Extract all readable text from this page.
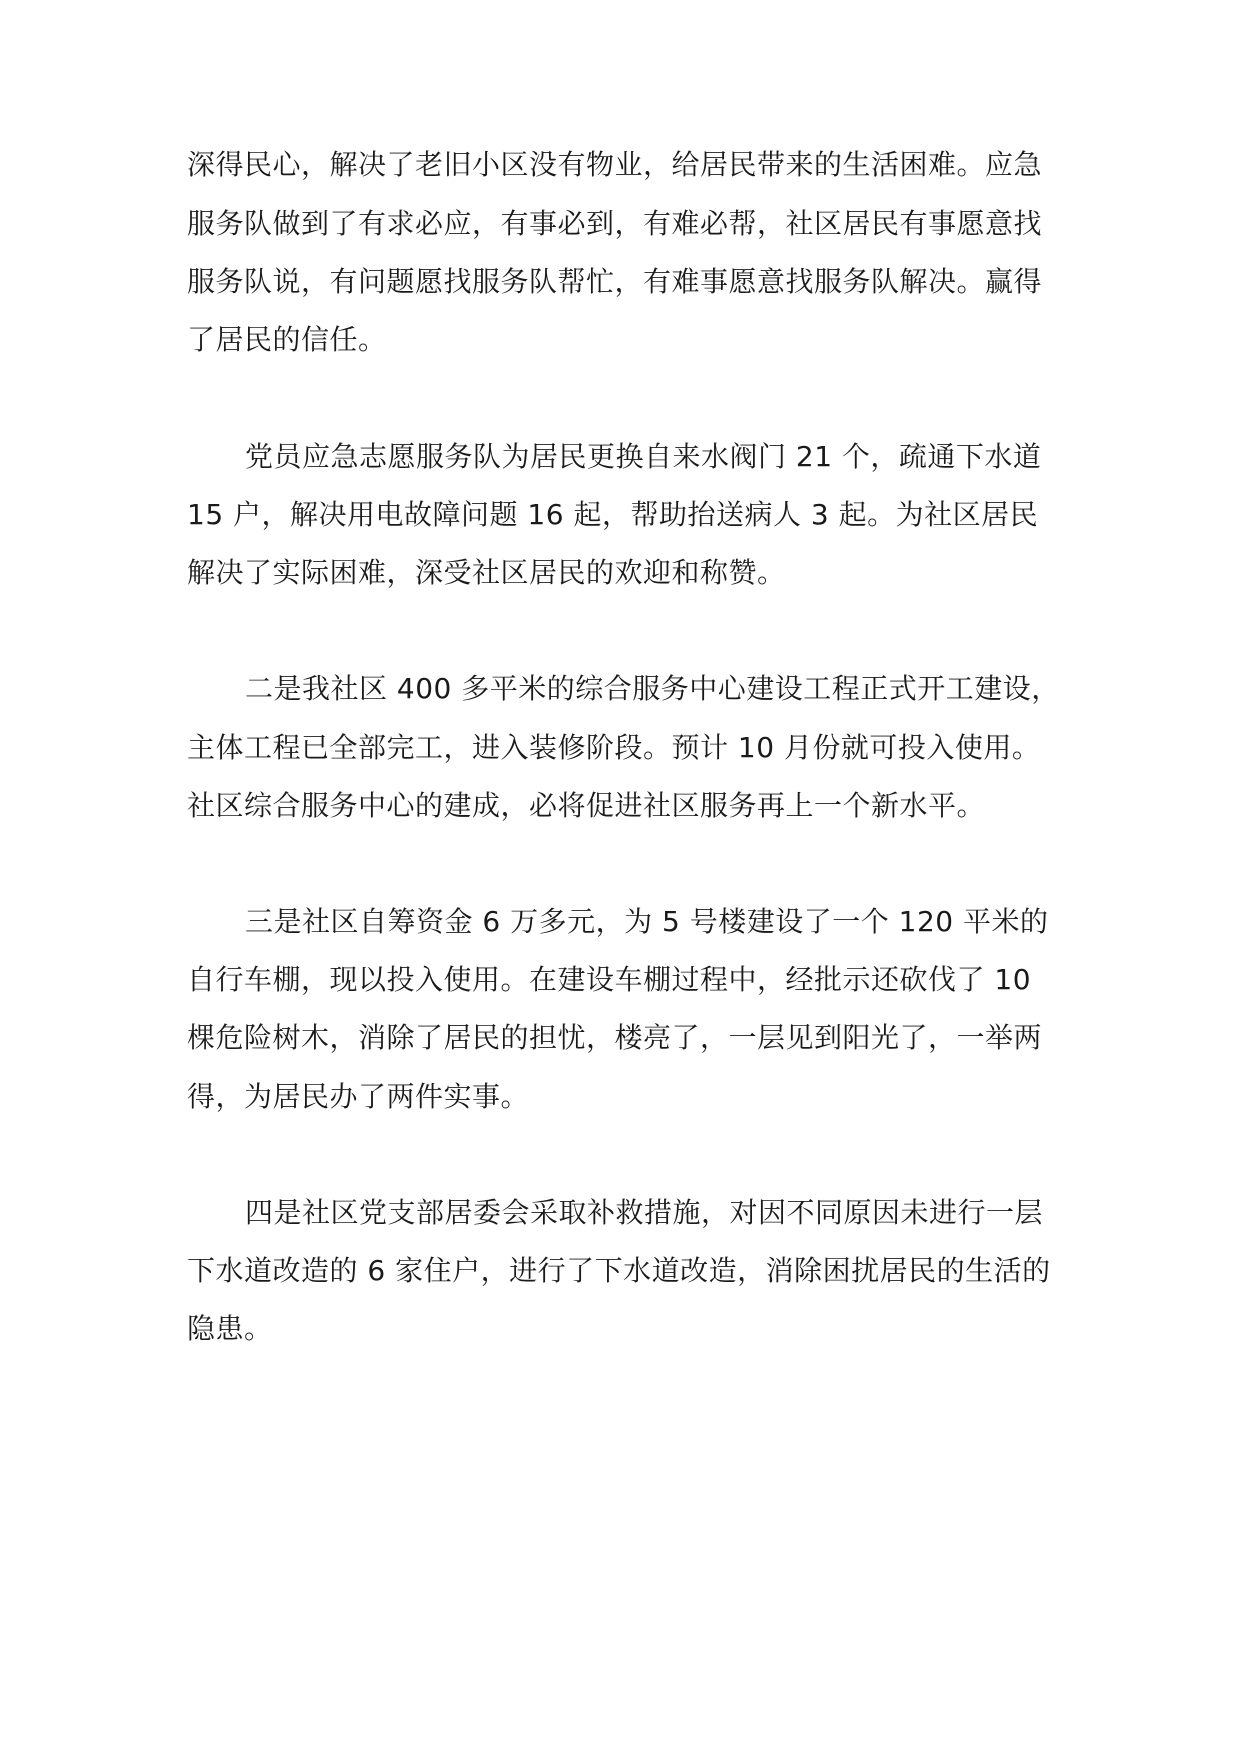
深得民心，解决了老旧小区没有物业，给居民带来的生活困难。应急

服务队做到了有求必应，有事必到，有难必帮，社区居民有事愿意找

服务队说，有问题愿找服务队帮忙，有难事愿意找服务队解决。赢得

了居民的信任。

党员应急志愿服务队为居民更换自来水阀门 21 个，疏通下水道

15 户，解决用电故障问题 16 起，帮助抬送病人 3 起。为社区居民

解决了实际困难，深受社区居民的欢迎和称赞。

二是我社区 400 多平米的综合服务中心建设工程正式开工建设，

主体工程已全部完工，进入装修阶段。预计 10 月份就可投入使用。

社区综合服务中心的建成，必将促进社区服务再上一个新水平。

三是社区自筹资金 6 万多元，为 5 号楼建设了一个 120 平米的

自行车棚，现以投入使用。在建设车棚过程中，经批示还砍伐了 10

棵危险树木，消除了居民的担忧，楼亮了，一层见到阳光了，一举两

得，为居民办了两件实事。

四是社区党支部居委会采取补救措施，对因不同原因未进行一层

下水道改造的 6 家住户，进行了下水道改造，消除困扰居民的生活的

隐患。
